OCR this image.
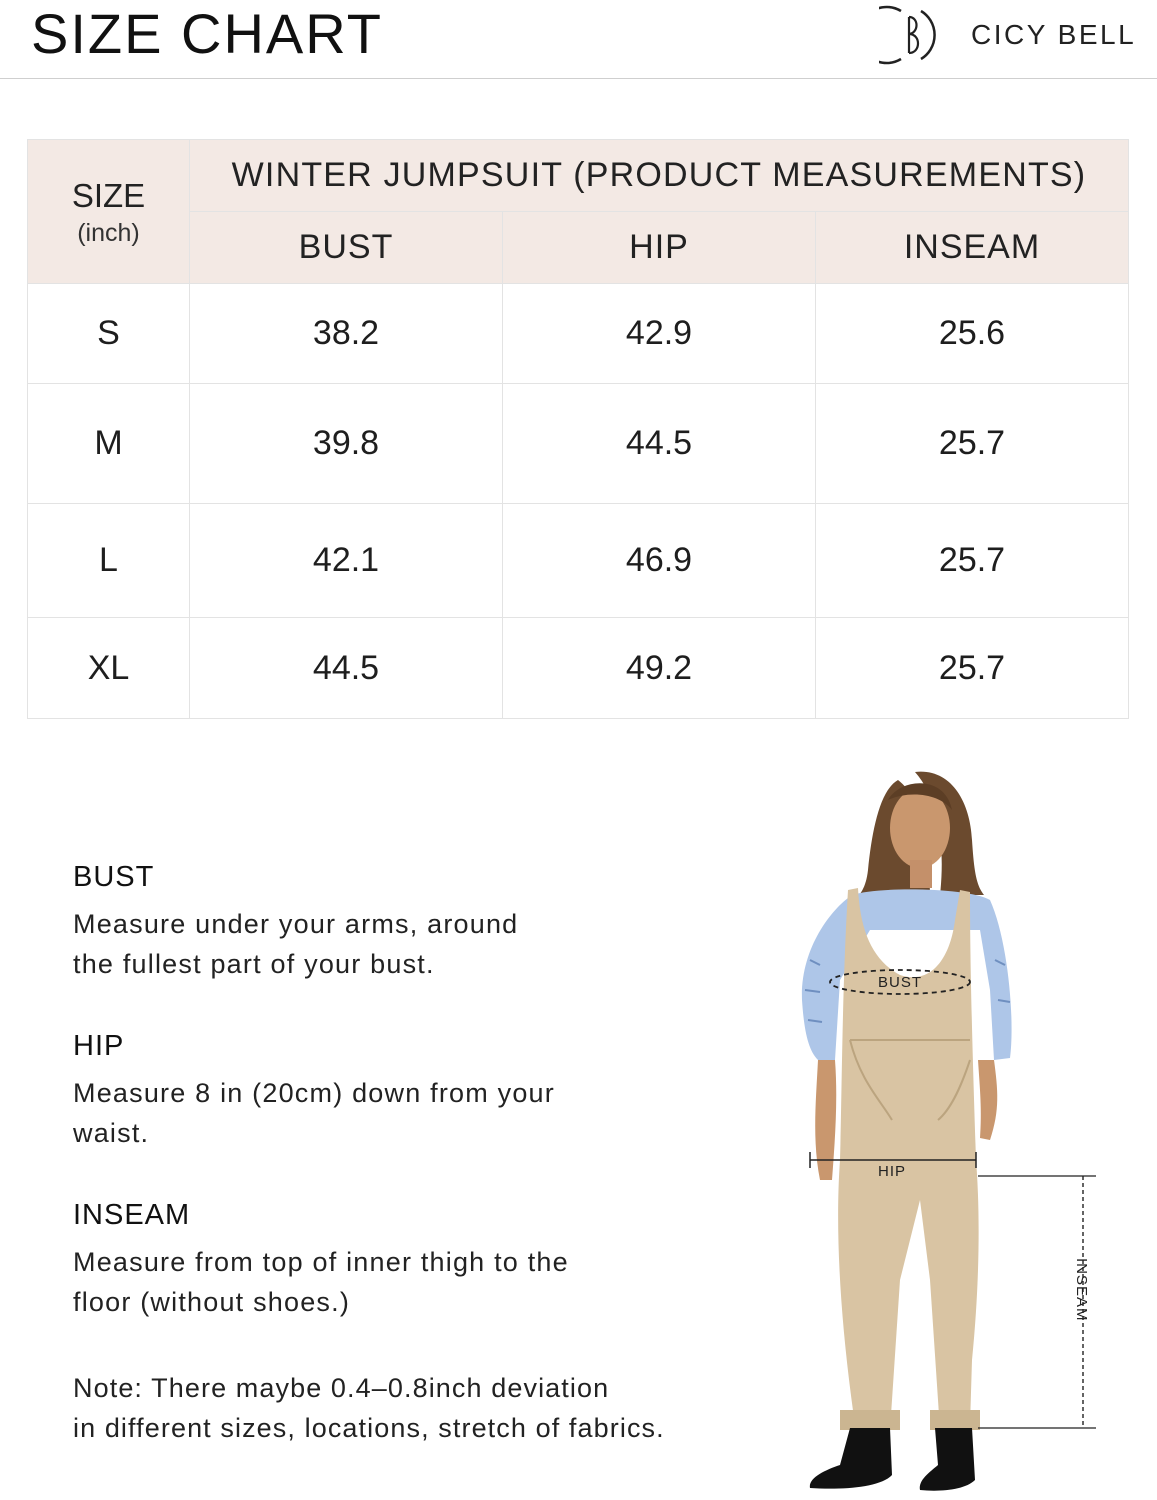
SIZE CHART	CICY BELL
SIZE
(inch)	WINTER JUMPSUIT (PRODUCT MEASUREMENTS)		
	BUST	HIP	INSEAM
S	38.2	42.9	25.6
M	39.8	44.5	25.7
L	42.1	46.9	25.7
XL	44.5	49.2	25.7
BUST
Measure under your arms, around
the fullest part of your bust.
HIP
Measure 8 in (20cm) down from your
waist.
INSEAM
Measure from top of inner thigh to the
floor (without shoes.)
Note: There maybe 0.4–0.8inch deviation
in different sizes, locations, stretch of fabrics.
BUST
HIP
INSEAM
